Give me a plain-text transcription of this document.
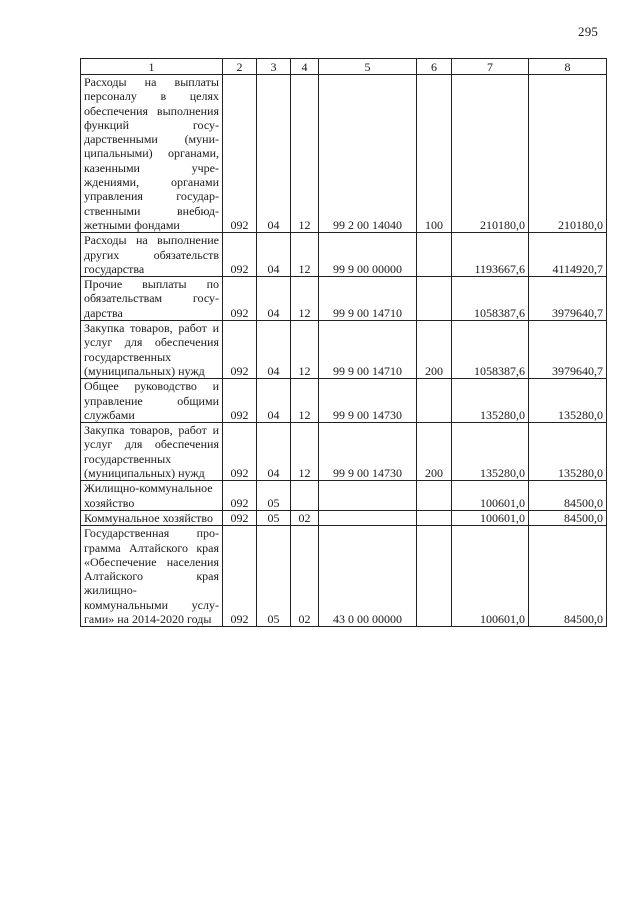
295
1	2	3	4	5	6	7	8
Расходы на выплаты персоналу в целях обеспечения выполнения функций государственными (муниципальными) органами, казенными учреждениями, органами управления государственными внебюджетными фондами	092	04	12	99 2 00 14040	100	210180,0	210180,0
Расходы на выполнение других обязательств государства	092	04	12	99 9 00 00000		1193667,6	4114920,7
Прочие выплаты по обязательствам государства	092	04	12	99 9 00 14710		1058387,6	3979640,7
Закупка товаров, работ и услуг для обеспечения государственных (муниципальных) нужд	092	04	12	99 9 00 14710	200	1058387,6	3979640,7
Общее руководство и управление общими службами	092	04	12	99 9 00 14730		135280,0	135280,0
Закупка товаров, работ и услуг для обеспечения государственных (муниципальных) нужд	092	04	12	99 9 00 14730	200	135280,0	135280,0
Жилищно-коммунальное хозяйство	092	05				100601,0	84500,0
Коммунальное хозяйство	092	05	02			100601,0	84500,0
Государственная программа Алтайского края «Обеспечение населения Алтайского края жилищно-коммунальными услугами» на 2014-2020 годы	092	05	02	43 0 00 00000		100601,0	84500,0
